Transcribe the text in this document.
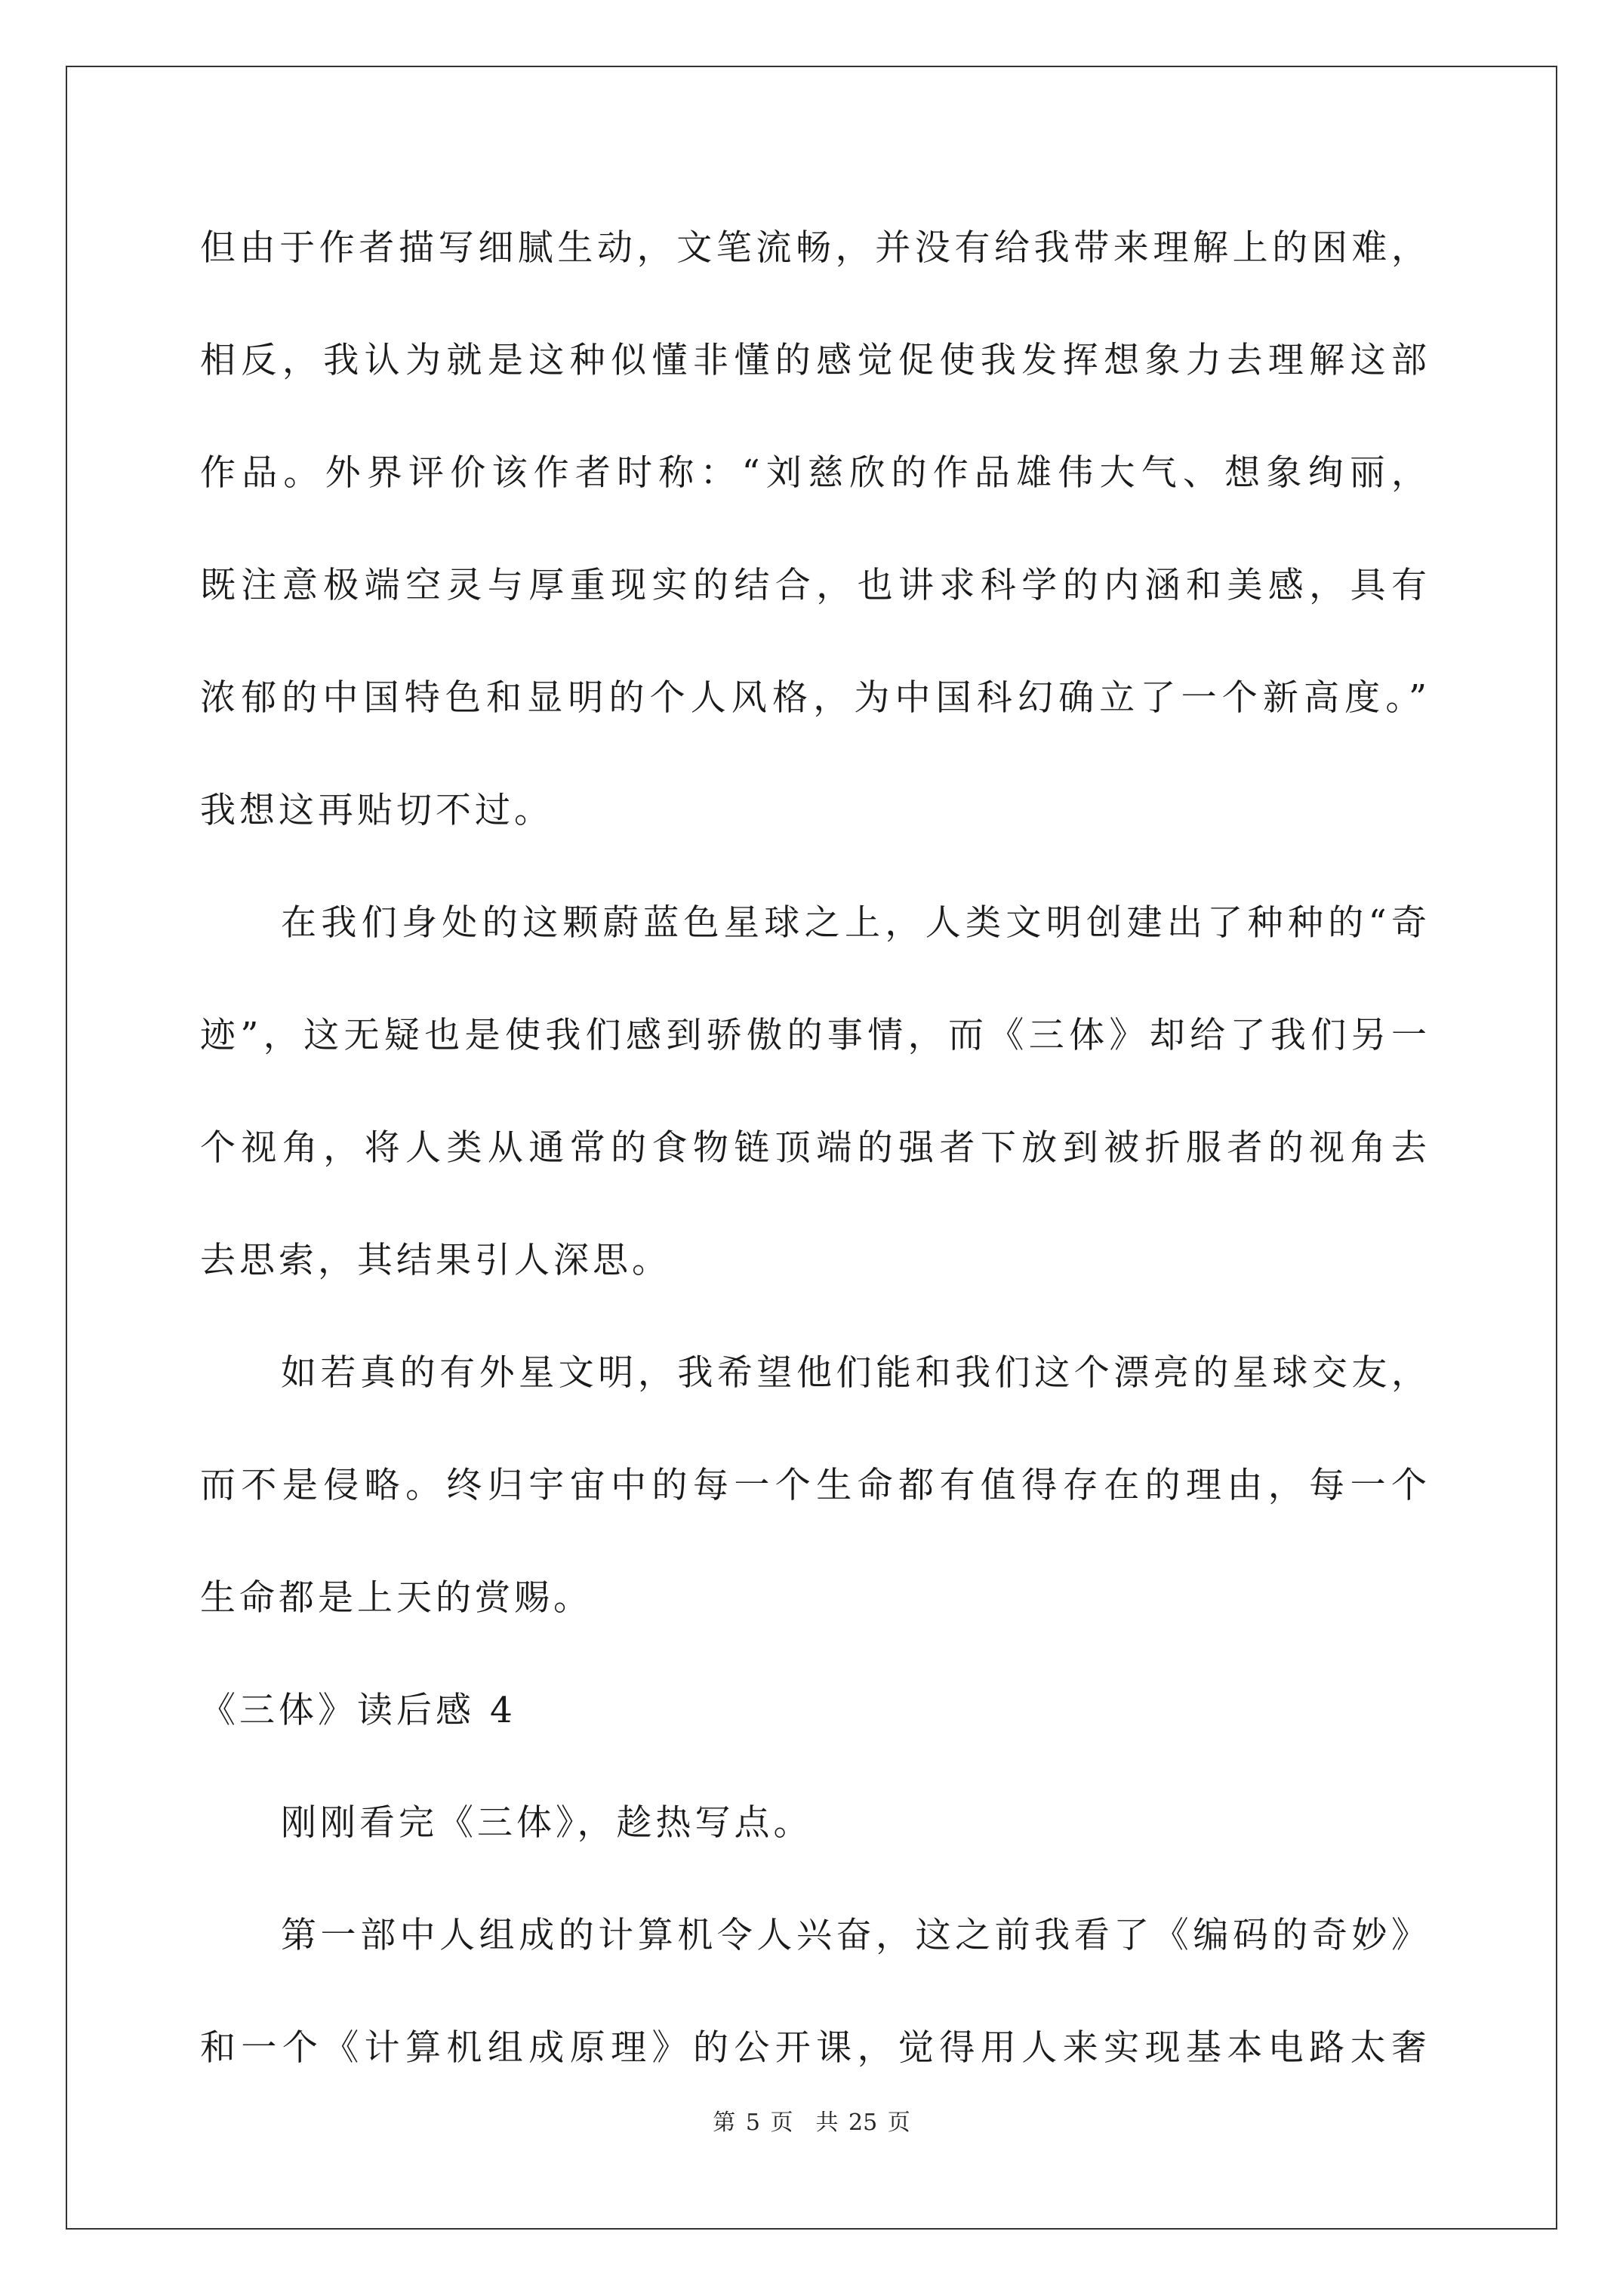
但由于作者描写细腻生动，文笔流畅，并没有给我带来理解上的困难，
相反，我认为就是这种似懂非懂的感觉促使我发挥想象力去理解这部
作品。外界评价该作者时称：“刘慈欣的作品雄伟大气、想象绚丽，
既注意极端空灵与厚重现实的结合，也讲求科学的内涵和美感，具有
浓郁的中国特色和显明的个人风格，为中国科幻确立了一个新高度。”
我想这再贴切不过。
在我们身处的这颗蔚蓝色星球之上，人类文明创建出了种种的“奇
迹”，这无疑也是使我们感到骄傲的事情，而《三体》却给了我们另一
个视角，将人类从通常的食物链顶端的强者下放到被折服者的视角去
去思索，其结果引人深思。
如若真的有外星文明，我希望他们能和我们这个漂亮的星球交友，
而不是侵略。终归宇宙中的每一个生命都有值得存在的理由，每一个
生命都是上天的赏赐。
《三体》读后感 4
刚刚看完《三体》，趁热写点。
第一部中人组成的计算机令人兴奋，这之前我看了《编码的奇妙》
和一个《计算机组成原理》的公开课，觉得用人来实现基本电路太奢
第 5 页　共 25 页
